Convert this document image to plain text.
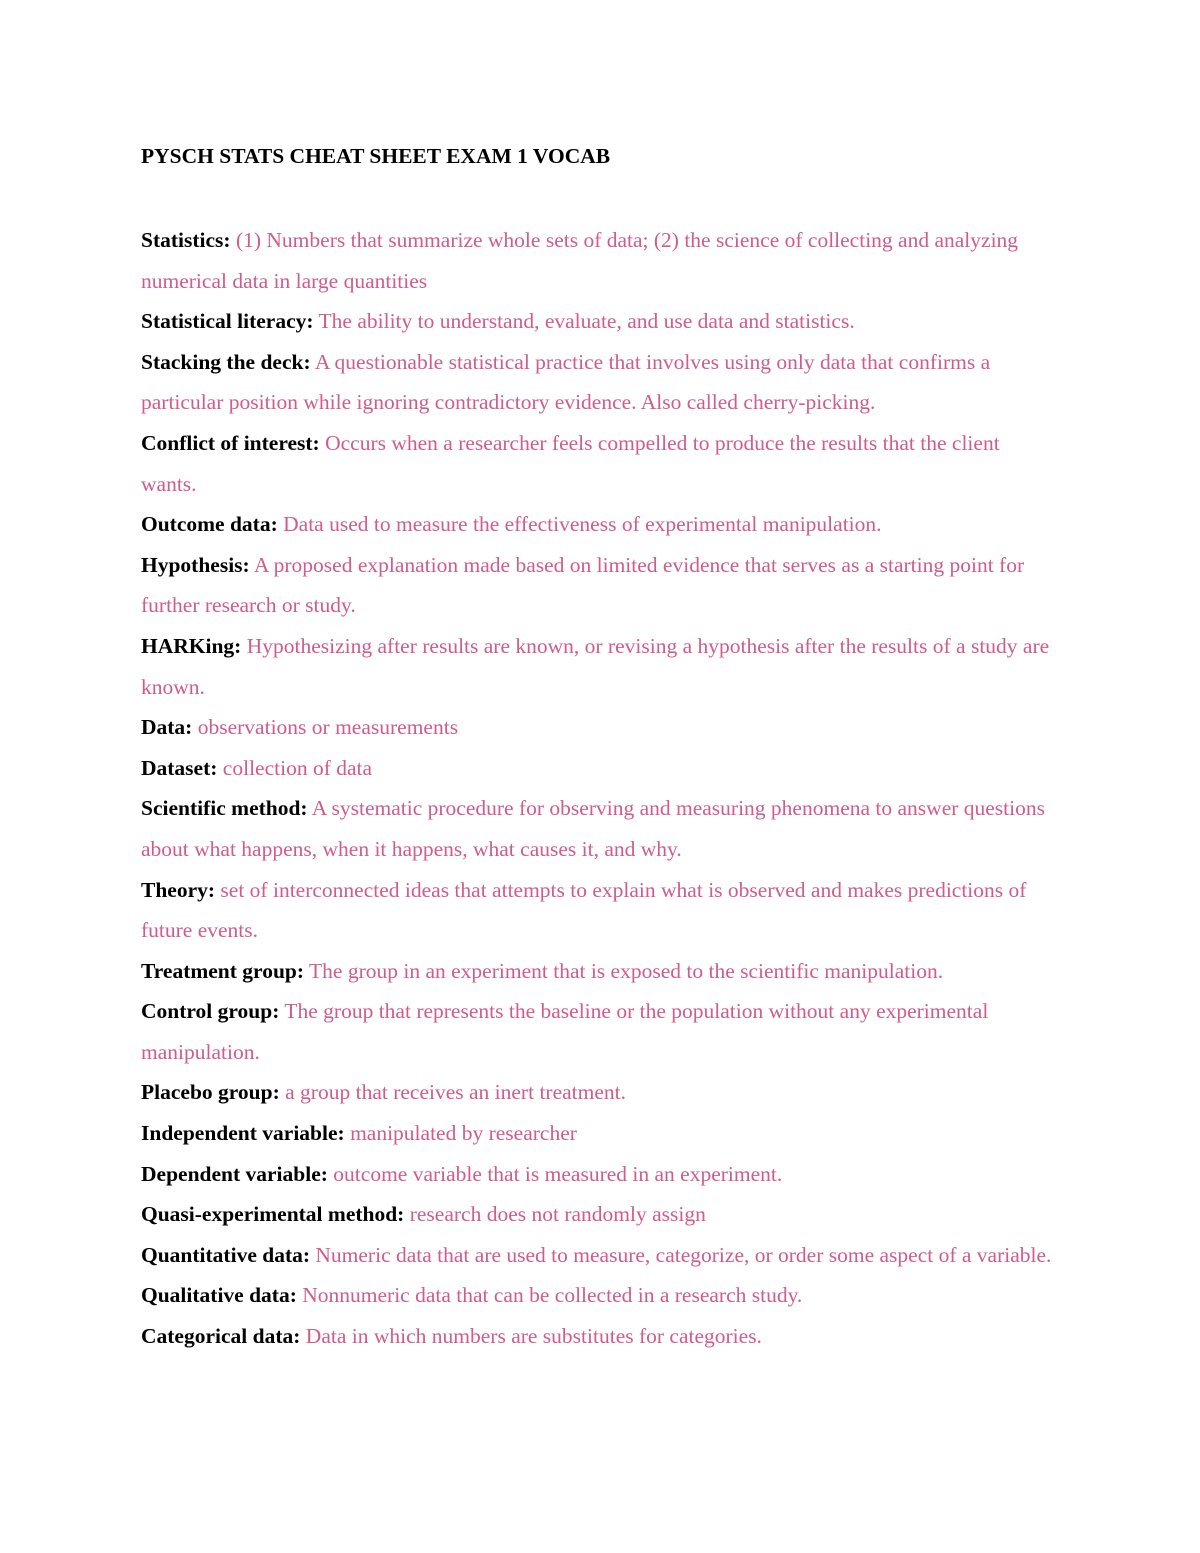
PYSCH STATS CHEAT SHEET EXAM 1 VOCAB

Statistics: (1) Numbers that summarize whole sets of data; (2) the science of collecting and analyzing numerical data in large quantities

Statistical literacy: The ability to understand, evaluate, and use data and statistics.

Stacking the deck: A questionable statistical practice that involves using only data that confirms a particular position while ignoring contradictory evidence. Also called cherry-picking.

Conflict of interest: Occurs when a researcher feels compelled to produce the results that the client wants.

Outcome data: Data used to measure the effectiveness of experimental manipulation.

Hypothesis: A proposed explanation made based on limited evidence that serves as a starting point for further research or study.

HARKing: Hypothesizing after results are known, or revising a hypothesis after the results of a study are known.

Data: observations or measurements

Dataset: collection of data

Scientific method: A systematic procedure for observing and measuring phenomena to answer questions about what happens, when it happens, what causes it, and why.

Theory: set of interconnected ideas that attempts to explain what is observed and makes predictions of future events.

Treatment group: The group in an experiment that is exposed to the scientific manipulation.

Control group: The group that represents the baseline or the population without any experimental manipulation.

Placebo group: a group that receives an inert treatment.

Independent variable: manipulated by researcher

Dependent variable: outcome variable that is measured in an experiment.

Quasi-experimental method: research does not randomly assign

Quantitative data: Numeric data that are used to measure, categorize, or order some aspect of a variable.

Qualitative data: Nonnumeric data that can be collected in a research study.

Categorical data: Data in which numbers are substitutes for categories.
